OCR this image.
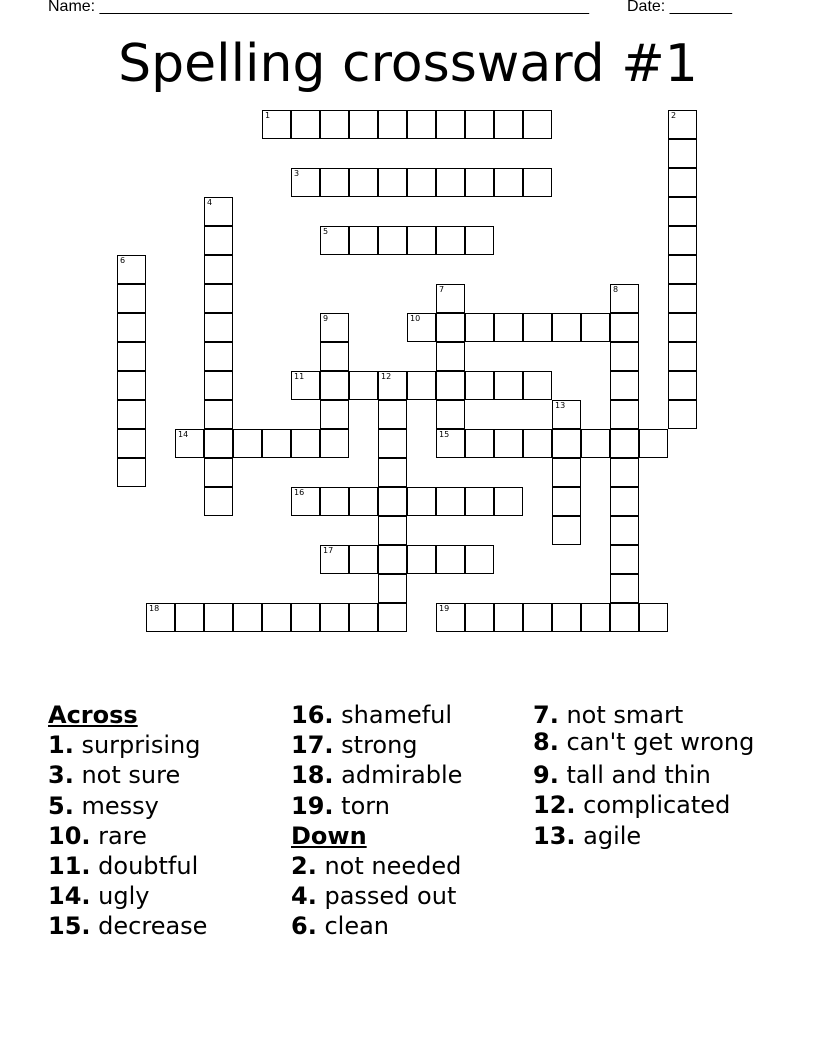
Name: _______________________________________________________ Date: _______
Spelling crossward #1
1	2
3
4
5
6
7
15
8
9	10
11	12
13
14
16
17
18	19
Across
1. surprising
3. not sure
5. messy
10. rare
11. doubtful
14. ugly
15. decrease
16. shameful
17. strong
18. admirable
19. torn
Down
2. not needed
4. passed out
6. clean
7. not smart
8. can't get wrong
9. tall and thin
12. complicated
13. agile
